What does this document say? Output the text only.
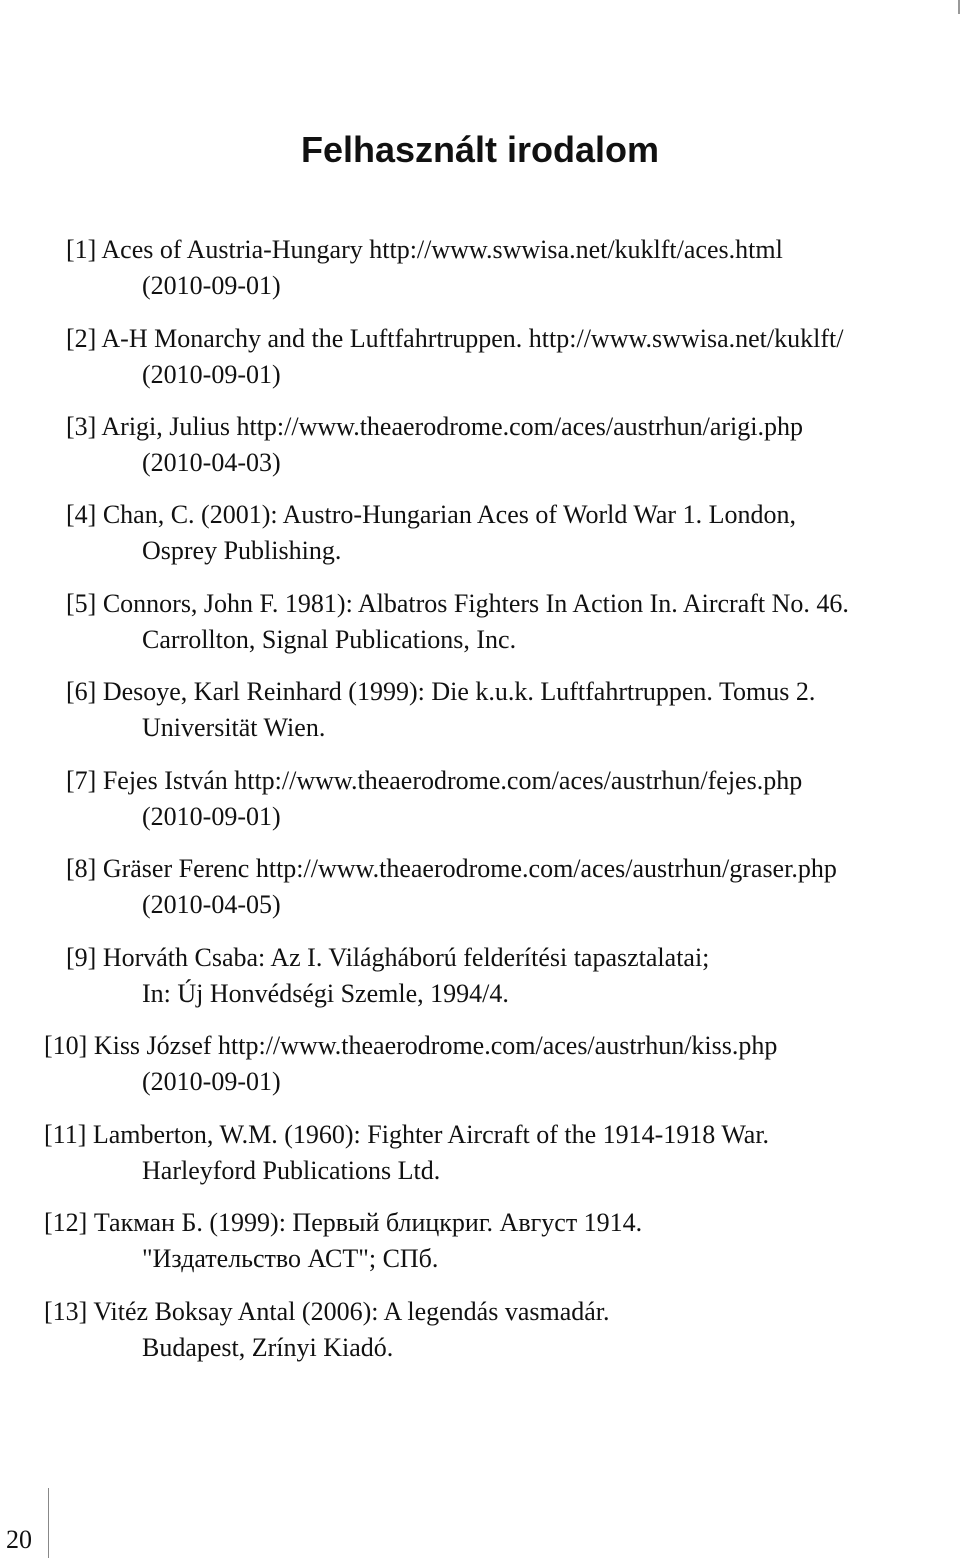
Felhasznált irodalom
[1] Aces of Austria-Hungary http://www.swwisa.net/kuklft/aces.html
(2010-09-01)
[2] A-H Monarchy and the Luftfahrtruppen. http://www.swwisa.net/kuklft/
(2010-09-01)
[3] Arigi, Julius http://www.theaerodrome.com/aces/austrhun/arigi.php
(2010-04-03)
[4] Chan, C. (2001): Austro-Hungarian Aces of World War 1. London,
Osprey Publishing.
[5] Connors, John F. 1981): Albatros Fighters In Action In. Aircraft No. 46.
Carrollton, Signal Publications, Inc.
[6] Desoye, Karl Reinhard (1999): Die k.u.k. Luftfahrtruppen. Tomus 2.
Universität Wien.
[7] Fejes István http://www.theaerodrome.com/aces/austrhun/fejes.php
(2010-09-01)
[8] Gräser Ferenc http://www.theaerodrome.com/aces/austrhun/graser.php
(2010-04-05)
[9] Horváth Csaba: Az I. Világháború felderítési tapasztalatai;
In: Új Honvédségi Szemle, 1994/4.
[10] Kiss József http://www.theaerodrome.com/aces/austrhun/kiss.php
(2010-09-01)
[11] Lamberton, W.M. (1960): Fighter Aircraft of the 1914-1918 War.
Harleyford Publications Ltd.
[12] Такман Б. (1999): Первый блицкриг. Август 1914.
"Издательство АСТ"; СПб.
[13] Vitéz Boksay Antal (2006): A legendás vasmadár.
Budapest, Zrínyi Kiadó.
20
